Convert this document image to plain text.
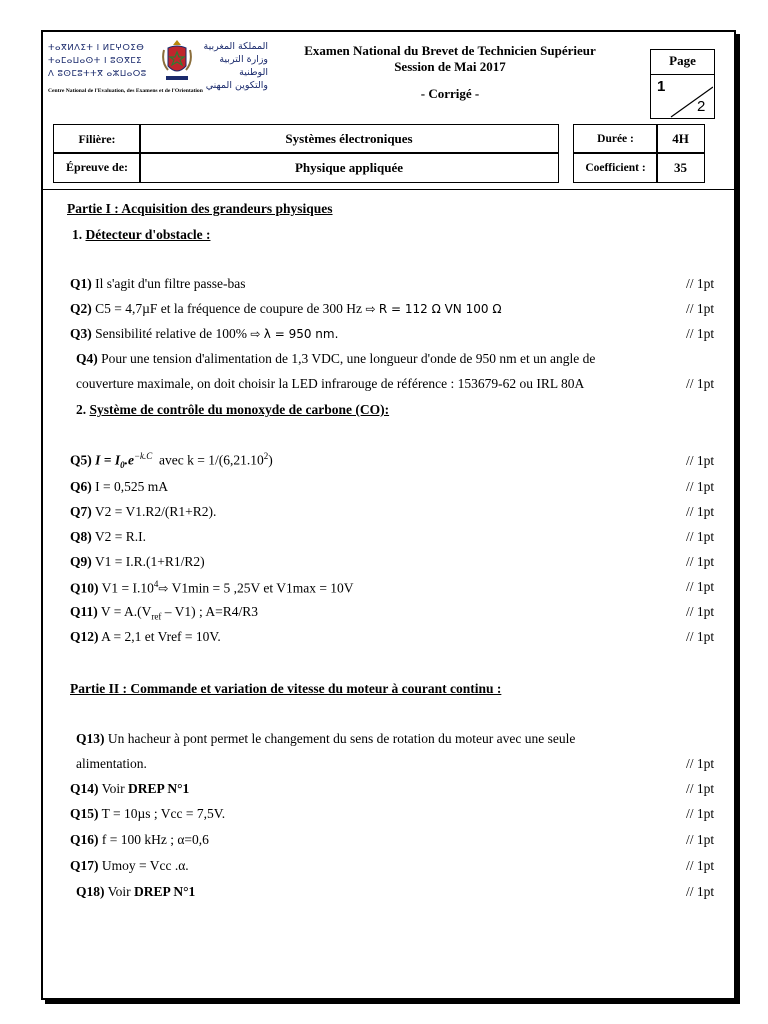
ⵜⴰⴳⵍⴷⵉⵜ ⵏ ⵍⵎⵖⵔⵉⴱ
ⵜⴰⵎⴰⵡⴰⵙⵜ ⵏ ⵓⵙⴳⵎⵉ
ⴷ ⵓⵙⵎⵓⵜⵜⴳ ⴰⵣⵡⴰⵔⵓ
المملكة المغربية
وزارة التربية الوطنية
والتكوين المهني
Centre National de l'Evaluation, des Examens et de l'Orientation
Examen National du Brevet de Technicien Supérieur
Session de Mai 2017
- Corrigé -
Page
1
2
Filière:	Systèmes électroniques
Épreuve de:	Physique appliquée
Durée :	4H
Coefficient :	35
Partie I : Acquisition des grandeurs physiques
1. Détecteur d'obstacle :
Q1) Il s'agit d'un filtre passe-bas	// 1pt
Q2) C5 = 4,7µF et la fréquence de coupure de 300 Hz ⇨ R = 112 Ω VN 100 Ω	// 1pt
Q3) Sensibilité relative de 100% ⇨ λ = 950 nm.	// 1pt
Q4) Pour une tension d'alimentation de 1,3 VDC, une longueur d'onde de 950 nm et un angle de
couverture maximale, on doit choisir la LED infrarouge de référence : 153679-62 ou IRL 80A	// 1pt
2. Système de contrôle du monoxyde de carbone (CO):
Q5) $I = I_0.e^{-k.C}$ avec $k = 1/(6,21.10^2)$	// 1pt
Q6) I = 0,525 mA	// 1pt
Q7) V2 = V1.R2/(R1+R2).	// 1pt
Q8) V2 = R.I.	// 1pt
Q9) V1 = I.R.(1+R1/R2)	// 1pt
Q10) $V1 = I.10^4⇨$ V1min = 5 ,25V et V1max = 10V	// 1pt
Q11) $V = A.(V_{ref} - V1)$ ; A=R4/R3	// 1pt
Q12) A = 2,1 et Vref = 10V.	// 1pt
Partie II : Commande et variation de vitesse du moteur à courant continu :
Q13) Un hacheur à pont permet le changement du sens de rotation du moteur avec une seule
alimentation.	// 1pt
Q14) Voir DREP N°1	// 1pt
Q15) T = 10µs ; Vcc = 7,5V.	// 1pt
Q16) f = 100 kHz ; α=0,6	// 1pt
Q17) Umoy = Vcc .α.	// 1pt
Q18) Voir DREP N°1	// 1pt
